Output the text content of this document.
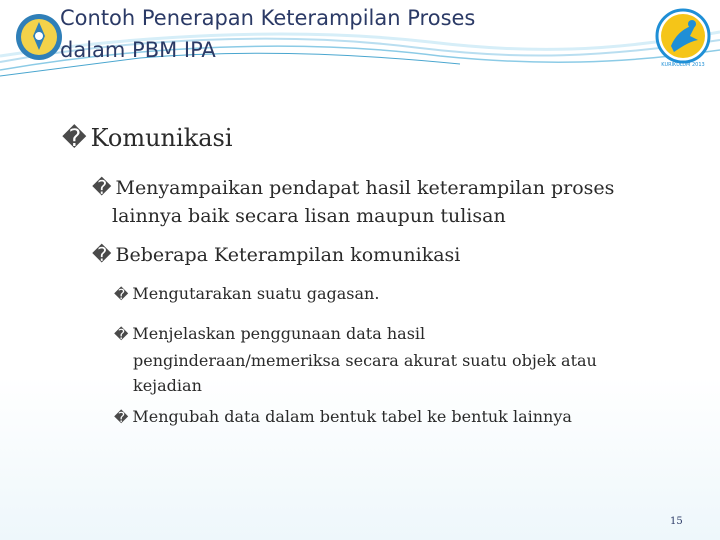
Contoh Penerapan Keterampilan Proses
dalam PBM IPA
KURIKULUM 2013
� Komunikasi
� Menyampaikan pendapat hasil keterampilan proses
lainnya baik secara lisan maupun tulisan
� Beberapa Keterampilan komunikasi
� Mengutarakan suatu gagasan.
� Menjelaskan penggunaan data hasil
penginderaan/memeriksa secara akurat suatu objek atau
kejadian
� Mengubah data dalam bentuk tabel ke bentuk lainnya
15
